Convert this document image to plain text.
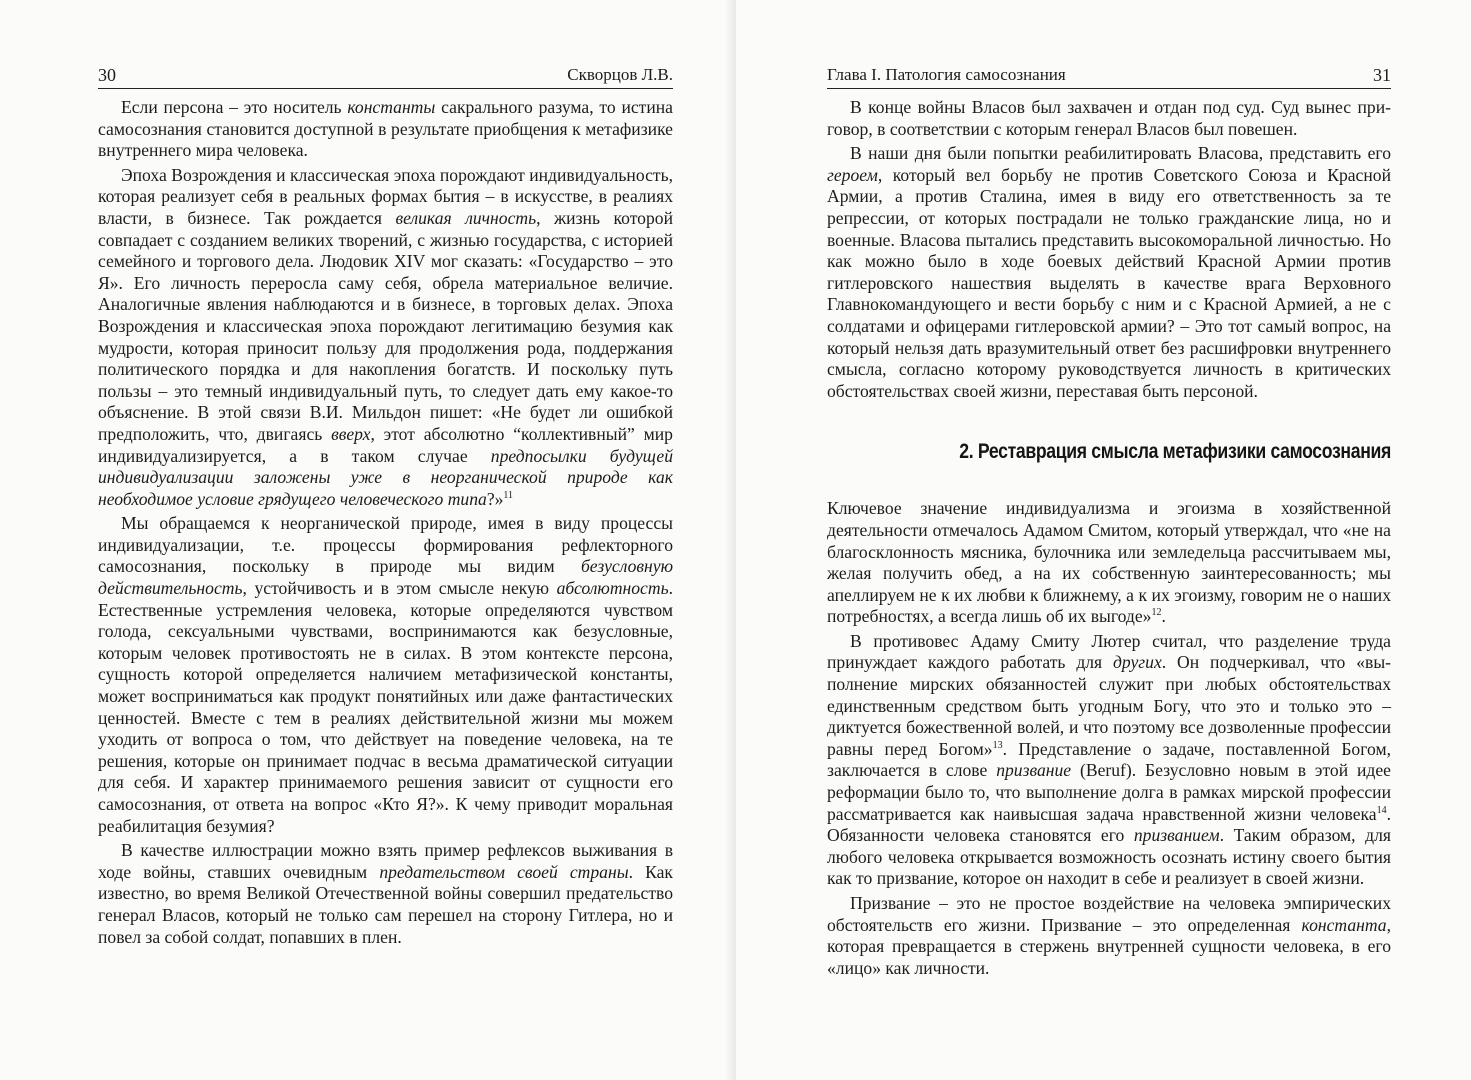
30	Скворцов Л.В.

Если персона – это носитель константы сакрального разума, то истина самосознания становится доступной в результате приобщения к метафизике внутреннего мира человека.

Эпоха Возрождения и классическая эпоха порождают индивидуальность, которая реализует себя в реальных формах бытия – в искусстве, в реалиях власти, в бизнесе. Так рождается великая личность, жизнь которой совпадает с созданием великих творений, с жизнью государства, с историей семейного и торгового дела. Людовик XIV мог сказать: «Государство – это Я». Его личность переросла саму себя, обрела материальное величие. Аналогичные явления наблюдаются и в бизнесе, в торговых делах. Эпоха Возрождения и классическая эпоха порождают легитимацию безумия как мудрости, которая приносит пользу для продолжения рода, поддержания политического порядка и для накопления богатств. И поскольку путь пользы – это темный индивидуальный путь, то следует дать ему какое-то объяснение. В этой связи В.И. Мильдон пишет: «Не будет ли ошибкой предположить, что, двигаясь вверх, этот абсолютно “коллективный” мир индивидуализируется, а в таком случае предпосылки будущей индивидуализации заложены уже в неорганической природе как необходимое условие грядущего человеческого типа?»$^{11}$

Мы обращаемся к неорганической природе, имея в виду процессы индивидуализации, т.е. процессы формирования рефлекторного самосознания, поскольку в природе мы видим безусловную действительность, устойчивость и в этом смысле некую абсолютность. Естественные устремления человека, которые определяются чувством голода, сексуальными чувствами, воспринимаются как безусловные, которым человек противостоять не в силах. В этом контексте персона, сущность которой определяется наличием метафизической константы, может восприниматься как продукт понятийных или даже фантастических ценностей. Вместе с тем в реалиях действительной жизни мы можем уходить от вопроса о том, что действует на поведение человека, на те решения, которые он принимает подчас в весьма драматической ситуации для себя. И характер принимаемого решения зависит от сущности его самосознания, от ответа на вопрос «Кто Я?». К чему приводит моральная реабилитация безумия?

В качестве иллюстрации можно взять пример рефлексов выживания в ходе войны, ставших очевидным предательством своей страны. Как известно, во время Великой Отечественной войны совершил предательство генерал Власов, который не только сам перешел на сторону Гитлера, но и повел за собой солдат, попавших в плен.

Глава I. Патология самосознания	31

В конце войны Власов был захвачен и отдан под суд. Суд вынес приговор, в соответствии с которым генерал Власов был повешен.

В наши дня были попытки реабилитировать Власова, представить его героем, который вел борьбу не против Советского Союза и Красной Армии, а против Сталина, имея в виду его ответственность за те репрессии, от которых пострадали не только гражданские лица, но и военные. Власова пытались представить высокоморальной личностью. Но как можно было в ходе боевых действий Красной Армии против гитлеровского нашествия выделять в качестве врага Верховного Главнокомандующего и вести борьбу с ним и с Красной Армией, а не с солдатами и офицерами гитлеровской армии? – Это тот самый вопрос, на который нельзя дать вразумительный ответ без расшифровки внутреннего смысла, согласно которому руководствуется личность в критических обстоятельствах своей жизни, переставая быть персоной.

2. Реставрация смысла метафизики самосознания

Ключевое значение индивидуализма и эгоизма в хозяйственной деятельности отмечалось Адамом Смитом, который утверждал, что «не на благосклонность мясника, булочника или земледельца рассчитываем мы, желая получить обед, а на их собственную заинтересованность; мы апеллируем не к их любви к ближнему, а к их эгоизму, говорим не о наших потребностях, а всегда лишь об их выгоде»$^{12}$.

В противовес Адаму Смиту Лютер считал, что разделение труда принуждает каждого работать для других. Он подчеркивал, что «выполнение мирских обязанностей служит при любых обстоятельствах единственным средством быть угодным Богу, что это и только это – диктуется божественной волей, и что поэтому все дозволенные профессии равны перед Богом»$^{13}$. Представление о задаче, поставленной Богом, заключается в слове призвание (Beruf). Безусловно новым в этой идее реформации было то, что выполнение долга в рамках мирской профессии рассматривается как наивысшая задача нравственной жизни человека$^{14}$. Обязанности человека становятся его призванием. Таким образом, для любого человека открывается возможность осознать истину своего бытия как то призвание, которое он находит в себе и реализует в своей жизни.

Призвание – это не простое воздействие на человека эмпирических обстоятельств его жизни. Призвание – это определенная константа, которая превращается в стержень внутренней сущности человека, в его «лицо» как личности.
